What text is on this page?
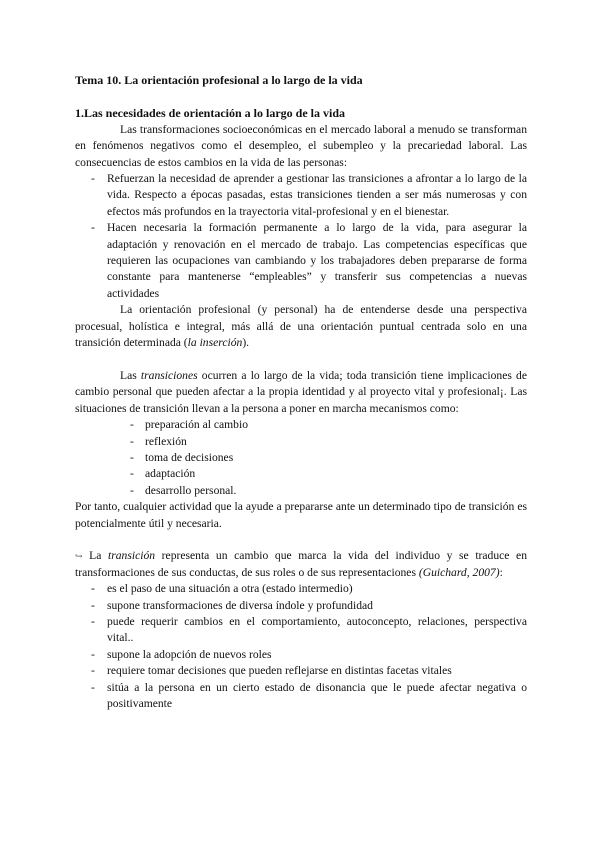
Tema 10. La orientación profesional a lo largo de la vida
1.Las necesidades de orientación a lo largo de la vida

Las transformaciones socioeconómicas en el mercado laboral a menudo se transforman en fenómenos negativos como el desempleo, el subempleo y la precariedad laboral. Las consecuencias de estos cambios en la vida de las personas:

- Refuerzan la necesidad de aprender a gestionar las transiciones a afrontar a lo largo de la vida. Respecto a épocas pasadas, estas transiciones tienden a ser más numerosas y con efectos más profundos en la trayectoria vital-profesional y en el bienestar.
- Hacen necesaria la formación permanente a lo largo de la vida, para asegurar la adaptación y renovación en el mercado de trabajo. Las competencias específicas que requieren las ocupaciones van cambiando y los trabajadores deben prepararse de forma constante para mantenerse “empleables” y transferir sus competencias a nuevas actividades

La orientación profesional (y personal) ha de entenderse desde una perspectiva procesual, holística e integral, más allá de una orientación puntual centrada solo en una transición determinada (la inserción).

Las transiciones ocurren a lo largo de la vida; toda transición tiene implicaciones de cambio personal que pueden afectar a la propia identidad y al proyecto vital y profesional¡. Las situaciones de transición llevan a la persona a poner en marcha mecanismos como:

- preparación al cambio
- reflexión
- toma de decisiones
- adaptación
- desarrollo personal.

Por tanto, cualquier actividad que la ayude a prepararse ante un determinado tipo de transición es potencialmente útil y necesaria.

↪ La transición representa un cambio que marca la vida del individuo y se traduce en transformaciones de sus conductas, de sus roles o de sus representaciones (Guichard, 2007):

- es el paso de una situación a otra (estado intermedio)
- supone transformaciones de diversa índole y profundidad
- puede requerir cambios en el comportamiento, autoconcepto, relaciones, perspectiva vital..
- supone la adopción de nuevos roles
- requiere tomar decisiones que pueden reflejarse en distintas facetas vitales
- sitúa a la persona en un cierto estado de disonancia que le puede afectar negativa o positivamente
